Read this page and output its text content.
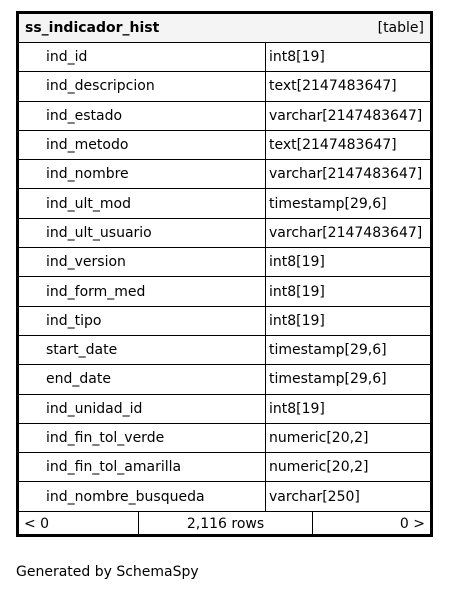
ss_indicador_hist	[table]
ind_id	int8[19]
ind_descripcion	text[2147483647]
ind_estado	varchar[2147483647]
ind_metodo	text[2147483647]
ind_nombre	varchar[2147483647]
ind_ult_mod	timestamp[29,6]
ind_ult_usuario	varchar[2147483647]
ind_version	int8[19]
ind_form_med	int8[19]
ind_tipo	int8[19]
start_date	timestamp[29,6]
end_date	timestamp[29,6]
ind_unidad_id	int8[19]
ind_fin_tol_verde	numeric[20,2]
ind_fin_tol_amarilla	numeric[20,2]
ind_nombre_busqueda	varchar[250]
< 0	2,116 rows	0 >
Generated by SchemaSpy
